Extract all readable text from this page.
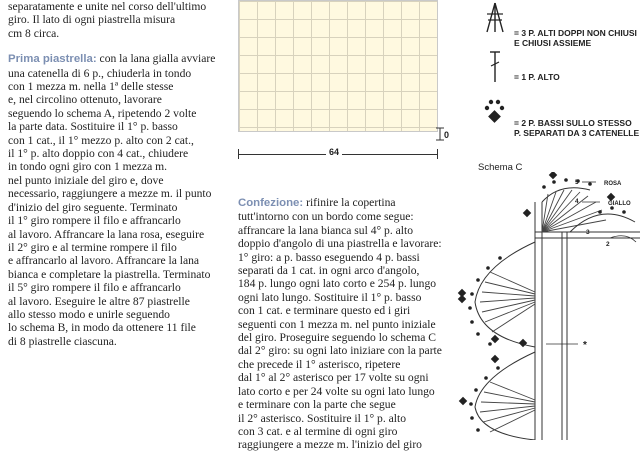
separatamente e unite nel corso dell'ultimo

giro. Il lato di ogni piastrella misura

cm 8 circa.

Prima piastrella: con la lana gialla avviare

una catenella di 6 p., chiuderla in tondo

con 1 mezza m. nella 1ª delle stesse

e, nel circolino ottenuto, lavorare

seguendo lo schema A, ripetendo 2 volte

la parte data. Sostituire il 1° p. basso

con 1 cat., il 1° mezzo p. alto con 2 cat.,

il 1° p. alto doppio con 4 cat., chiudere

in tondo ogni giro con 1 mezza m.

nel punto iniziale del giro e, dove

necessario, raggiungere a mezze m. il punto

d'inizio del giro seguente. Terminato

il 1° giro rompere il filo e affrancarlo

al lavoro. Affrancare la lana rosa, eseguire

il 2° giro e al termine rompere il filo

e affrancarlo al lavoro. Affrancare la lana

bianca e completare la piastrella. Terminato

il 5° giro rompere il filo e affrancarlo

al lavoro. Eseguire le altre 87 piastrelle

allo stesso modo e unirle seguendo

lo schema B, in modo da ottenere 11 file

di 8 piastrelle ciascuna.

64
0

Confezione: rifinire la copertina

tutt'intorno con un bordo come segue:

affrancare la lana bianca sul 4° p. alto

doppio d'angolo di una piastrella e lavorare:

1° giro: a p. basso eseguendo 4 p. bassi

separati da 1 cat. in ogni arco d'angolo,

184 p. lungo ogni lato corto e 254 p. lungo

ogni lato lungo. Sostituire il 1° p. basso

con 1 cat. e terminare questo ed i giri

seguenti con 1 mezza m. nel punto iniziale

del giro. Proseguire seguendo lo schema C

dal 2° giro: su ogni lato iniziare con la parte

che precede il 1° asterisco, ripetere

dal 1° al 2° asterisco per 17 volte su ogni

lato corto e per 24 volte su ogni lato lungo

e terminare con la parte che segue

il 2° asterisco. Sostituire il 1° p. alto

con 3 cat. e al termine di ogni giro

raggiungere a mezze m. l'inizio del giro

= 3 P. ALTI DOPPI NON CHIUSI E CHIUSI ASSIEME
= 1 P. ALTO
= 2 P. BASSI SULLO STESSO P. SEPARATI DA 3 CATENELLE
Schema C
5
4
3
2
ROSA
GIALLO
*
